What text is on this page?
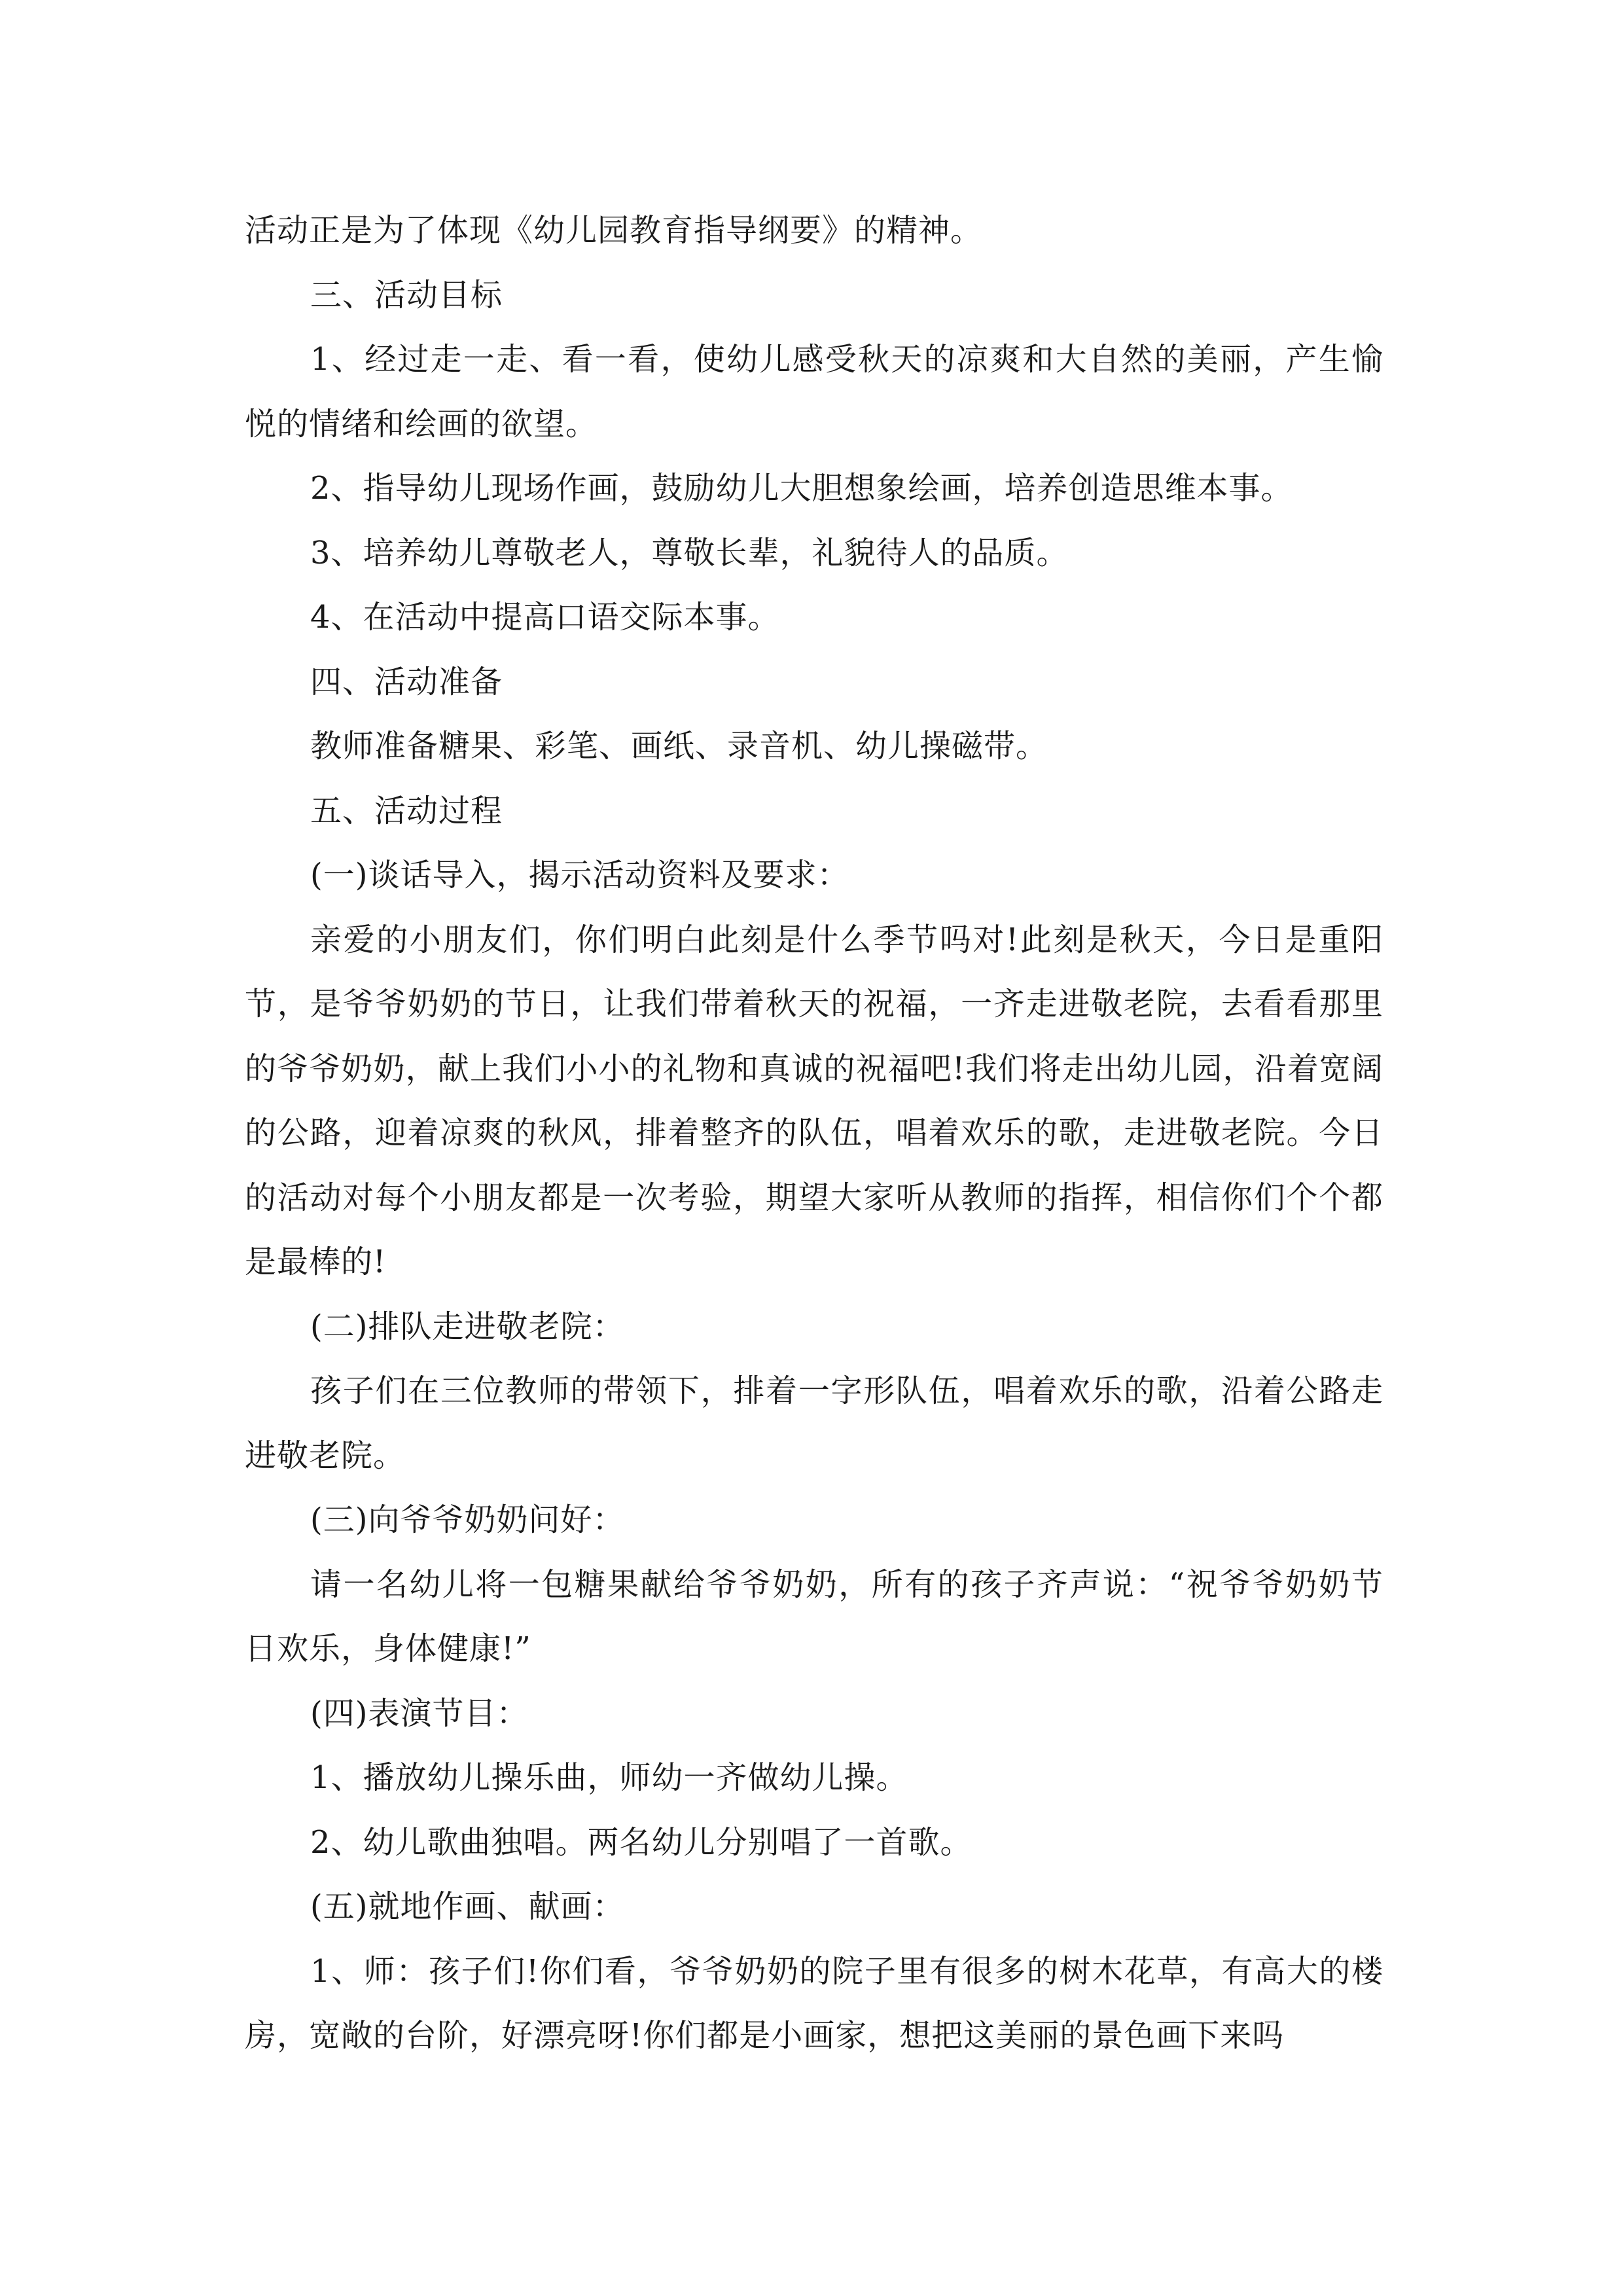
活动正是为了体现《幼儿园教育指导纲要》的精神。

三、活动目标

1、经过走一走、看一看，使幼儿感受秋天的凉爽和大自然的美丽，产生愉悦的情绪和绘画的欲望。

2、指导幼儿现场作画，鼓励幼儿大胆想象绘画，培养创造思维本事。

3、培养幼儿尊敬老人，尊敬长辈，礼貌待人的品质。

4、在活动中提高口语交际本事。

四、活动准备

教师准备糖果、彩笔、画纸、录音机、幼儿操磁带。

五、活动过程

(一)谈话导入，揭示活动资料及要求：

亲爱的小朋友们，你们明白此刻是什么季节吗对!此刻是秋天，今日是重阳节，是爷爷奶奶的节日，让我们带着秋天的祝福，一齐走进敬老院，去看看那里的爷爷奶奶，献上我们小小的礼物和真诚的祝福吧!我们将走出幼儿园，沿着宽阔的公路，迎着凉爽的秋风，排着整齐的队伍，唱着欢乐的歌，走进敬老院。今日的活动对每个小朋友都是一次考验，期望大家听从教师的指挥，相信你们个个都是最棒的!

(二)排队走进敬老院：

孩子们在三位教师的带领下，排着一字形队伍，唱着欢乐的歌，沿着公路走进敬老院。

(三)向爷爷奶奶问好：

请一名幼儿将一包糖果献给爷爷奶奶，所有的孩子齐声说：“祝爷爷奶奶节日欢乐，身体健康!”

(四)表演节目：

1、播放幼儿操乐曲，师幼一齐做幼儿操。

2、幼儿歌曲独唱。两名幼儿分别唱了一首歌。

(五)就地作画、献画：

1、师：孩子们!你们看，爷爷奶奶的院子里有很多的树木花草，有高大的楼房，宽敞的台阶，好漂亮呀!你们都是小画家，想把这美丽的景色画下来吗
